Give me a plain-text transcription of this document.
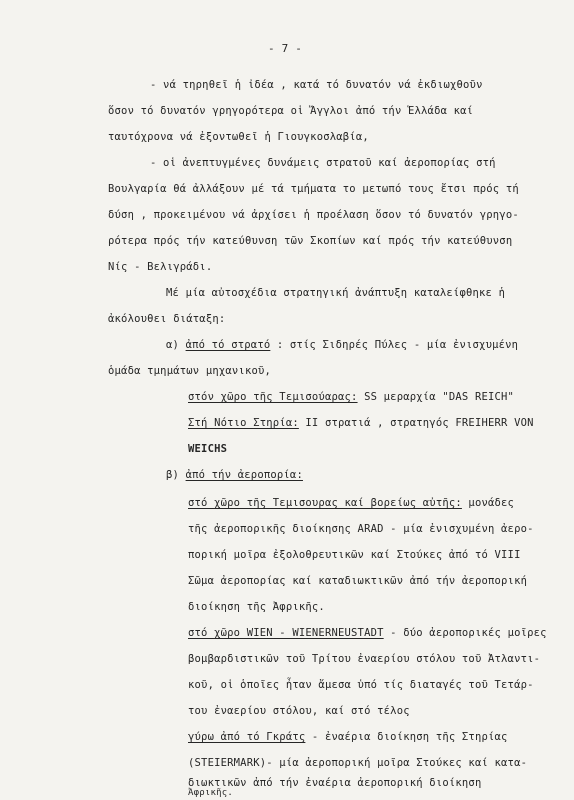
- 7 -
- νά τηρηθεῖ ἡ ἰδέα , κατά τό δυνατόν νά ἐκδιωχθοῦν
ὅσον τό δυνατόν γρηγορότερα οἱ Ἄγγλοι ἀπό τήν Ἑλλάδα καί
ταυτόχρονα νά ἐξοντωθεῖ ἡ Γιουγκοσλαβία,
- οἱ ἀνεπτυγμένες δυνάμεις στρατοῦ καί ἀεροπορίας στή
Βουλγαρία θά ἀλλάξουν μέ τά τμήματα το μετωπό τους ἔτσι πρός τή
δύση , προκειμένου νά ἀρχίσει ἡ προέλαση ὅσον τό δυνατόν γρηγο-
ρότερα πρός τήν κατεύθυνση τῶν Σκοπίων καί πρός τήν κατεύθυνση
Νίς - Βελιγράδι.
Μέ μία αὐτοσχέδια στρατηγική ἀνάπτυξη καταλείφθηκε ἡ
ἀκόλουθει διάταξη:
α) ἀπό τό στρατό : στίς Σιδηρές Πύλες - μία ἐνισχυμένη
ὁμάδα τμημάτων μηχανικοῦ,
στόν χῶρο τῆς Τεμισούαρας: SS μεραρχία "DAS REICH"
Στή Νότιο Στηρία: ΙΙ στρατιά , στρατηγός FREIHERR VON
WEICHS
β) ἀπό τήν ἀεροπορία:
στό χῶρο τῆς Τεμισουρας καί βορείως αὐτῆς: μονάδες
τῆς ἀεροπορικῆς διοίκησης ARAD - μία ἐνισχυμένη ἀερο-
πορική μοῖρα ἐξολοθρευτικῶν καί Στούκες ἀπό τό VIII
Σῶμα ἀεροπορίας καί καταδιωκτικῶν ἀπό τήν ἀεροπορική
διοίκηση τῆς Ἀφρικῆς.
στό χῶρο WIEN - WIENERNEUSTADT - δύο ἀεροπορικές μοῖρες
βομβαρδιστικῶν τοῦ Τρίτου ἐναερίου στόλου τοῦ Ἀτλαντι-
κοῦ, οἱ ὁποῖες ἦταν ἄμεσα ὑπό τίς διαταγές τοῦ Τετάρ-
του ἐναερίου στόλου, καί στό τέλος
γύρω ἀπό τό Γκράτς - ἐναέρια διοίκηση τῆς Στηρίας
(STEIERMARK)- μία ἀεροπορική μοῖρα Στούκες καί κατα-
διωκτικῶν ἀπό τήν ἐναέρια ἀεροπορική διοίκηση
Ἀφρικῆς.
